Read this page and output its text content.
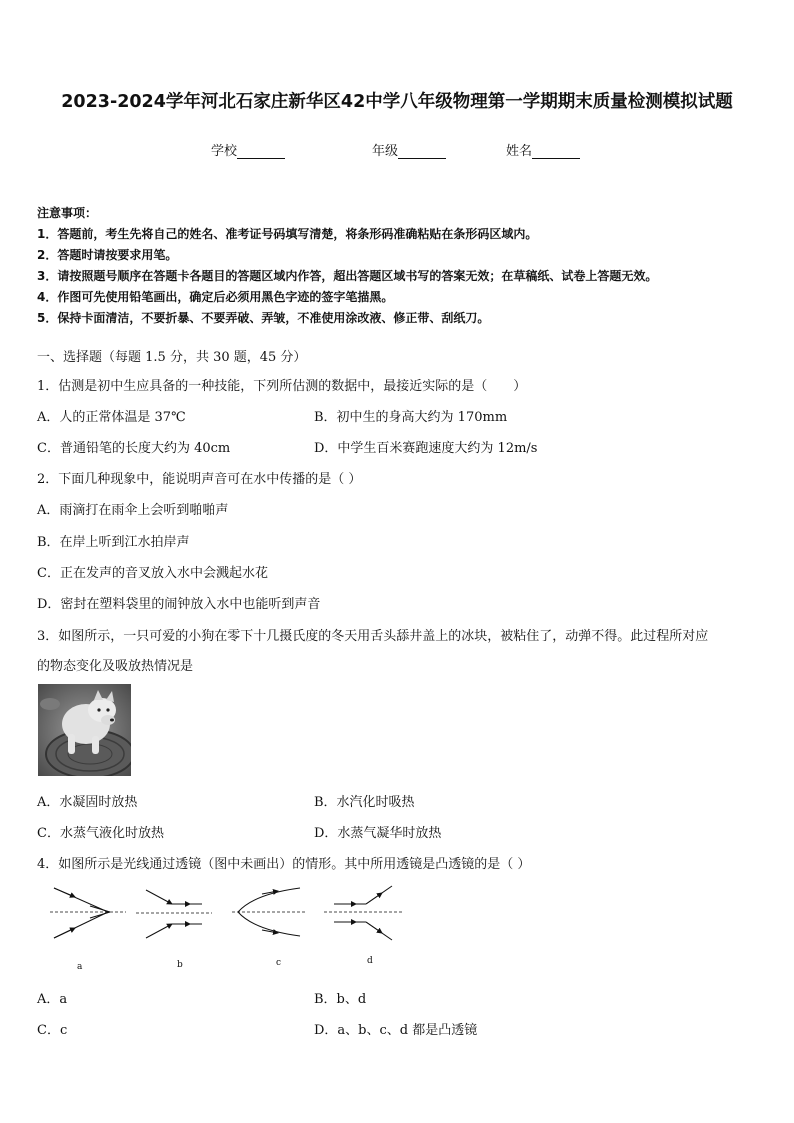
2023-2024学年河北石家庄新华区42中学八年级物理第一学期期末质量检测模拟试题
学校	年级	姓名
注意事项：
1．答题前，考生先将自己的姓名、准考证号码填写清楚，将条形码准确粘贴在条形码区域内。
2．答题时请按要求用笔。
3．请按照题号顺序在答题卡各题目的答题区域内作答，超出答题区域书写的答案无效；在草稿纸、试卷上答题无效。
4．作图可先使用铅笔画出，确定后必须用黑色字迹的签字笔描黑。
5．保持卡面清洁，不要折暴、不要弄破、弄皱，不准使用涂改液、修正带、刮纸刀。
一、选择题（每题 1.5 分，共 30 题，45 分）
1．估测是初中生应具备的一种技能，下列所估测的数据中，最接近实际的是（　　）
A．人的正常体温是 37℃	B．初中生的身高大约为 170mm
C．普通铅笔的长度大约为 40cm	D．中学生百米赛跑速度大约为 12m/s
2．下面几种现象中，能说明声音可在水中传播的是（ ）
A．雨滴打在雨伞上会听到啪啪声
B．在岸上听到江水拍岸声
C．正在发声的音叉放入水中会溅起水花
D．密封在塑料袋里的闹钟放入水中也能听到声音
3．如图所示，一只可爱的小狗在零下十几摄氏度的冬天用舌头舔井盖上的冰块，被粘住了，动弹不得。此过程所对应
的物态变化及吸放热情况是
A．水凝固时放热	B．水汽化时吸热
C．水蒸气液化时放热	D．水蒸气凝华时放热
4．如图所示是光线通过透镜（图中未画出）的情形。其中所用透镜是凸透镜的是（ ）
a	b	c	d
A．a	B．b、d
C．c	D．a、b、c、d 都是凸透镜
